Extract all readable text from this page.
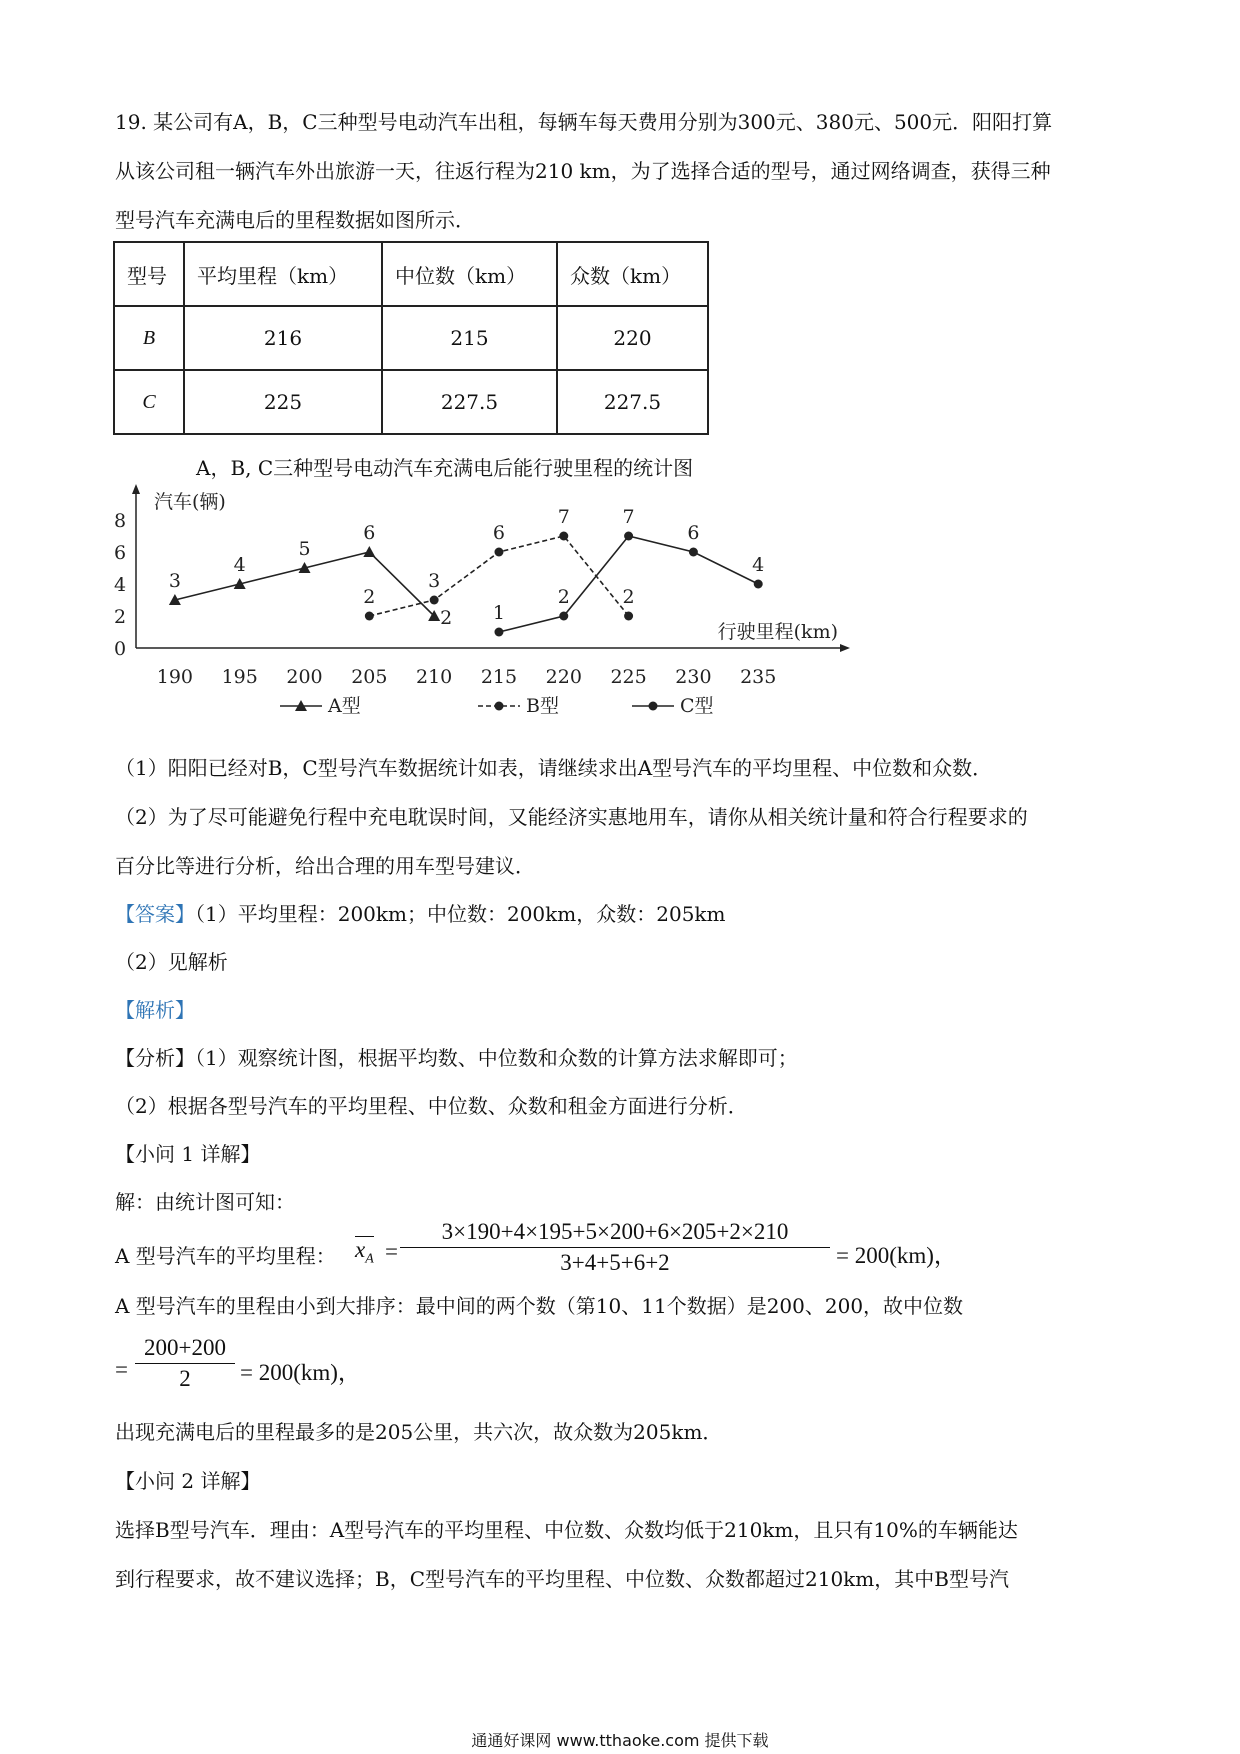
19. 某公司有A，B，C三种型号电动汽车出租，每辆车每天费用分别为300元、380元、500元．阳阳打算
从该公司租一辆汽车外出旅游一天，往返行程为210 km，为了选择合适的型号，通过网络调查，获得三种
型号汽车充满电后的里程数据如图所示．
型号	平均里程（km）	中位数（km）	众数（km）
B	216	215	220
C	225	227.5	227.5
A，B, C三种型号电动汽车充满电后能行驶里程的统计图
0
2
4
6
8
190 195 200 205 210 215 220 225 230 235
汽车(辆)
行驶里程(km)
3
4
5
6
2
2
3
6
7
2
1
2
7
6
4
A型	B型	C型
（1）阳阳已经对B，C型号汽车数据统计如表，请继续求出A型号汽车的平均里程、中位数和众数．
（2）为了尽可能避免行程中充电耽误时间，又能经济实惠地用车，请你从相关统计量和符合行程要求的
百分比等进行分析，给出合理的用车型号建议．
【答案】（1）平均里程：200km；中位数：200km，众数：205km
（2）见解析
【解析】
【分析】（1）观察统计图，根据平均数、中位数和众数的计算方法求解即可；
（2）根据各型号汽车的平均里程、中位数、众数和租金方面进行分析．
【小问 1 详解】
解：由统计图可知：
A 型号汽车的平均里程： $x_A = \frac{3\times 190+4\times 195+5\times 200+6\times 205+2\times 210}{3+4+5+6+2} = 200(km)$，
A 型号汽车的里程由小到大排序：最中间的两个数（第10、11个数据）是200、200，故中位数
= $\frac{200+200}{2} = 200(km)$，
出现充满电后的里程最多的是205公里，共六次，故众数为205km．
【小问 2 详解】
选择B型号汽车．理由：A型号汽车的平均里程、中位数、众数均低于210km，且只有10%的车辆能达
到行程要求，故不建议选择；B，C型号汽车的平均里程、中位数、众数都超过210km，其中B型号汽
通通好课网 www.tthaoke.com 提供下载
